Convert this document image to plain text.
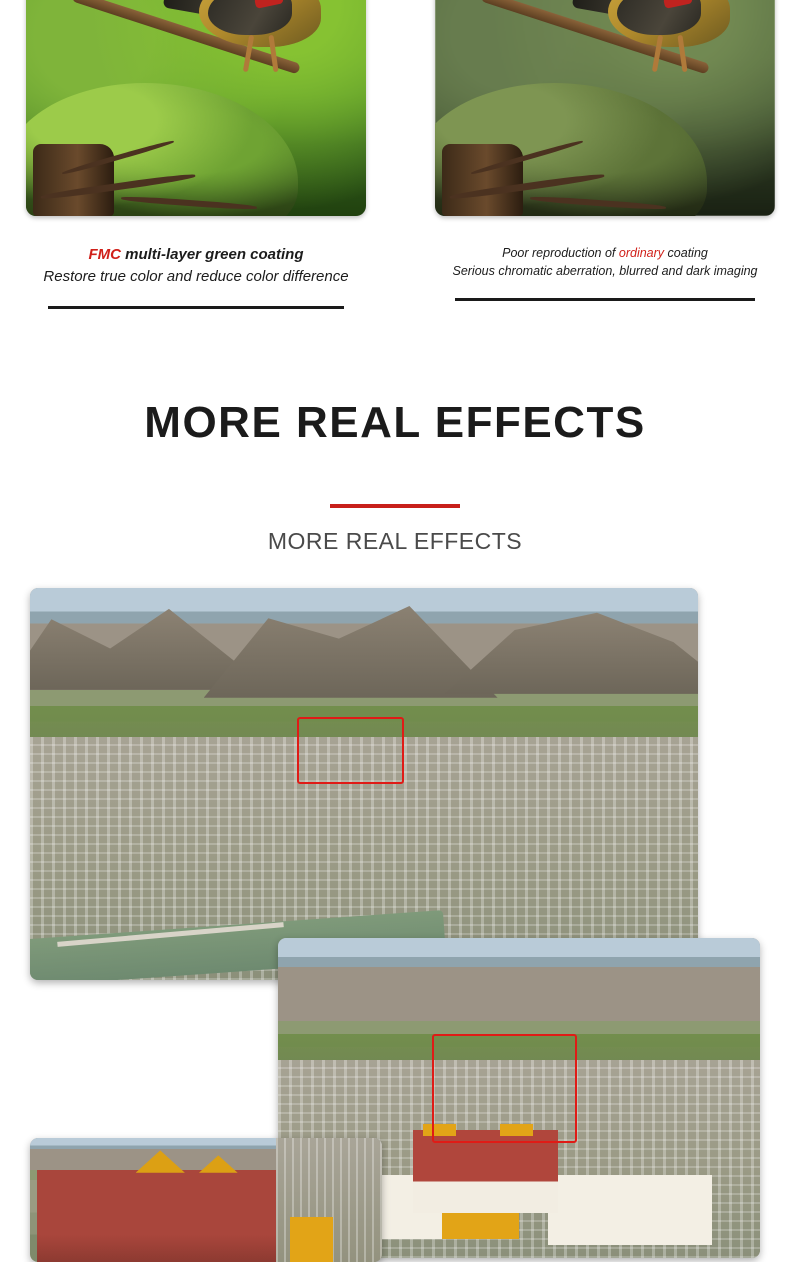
FMC multi-layer green coating
Restore true color and reduce color difference
Poor reproduction of ordinary coating
Serious chromatic aberration, blurred and dark imaging
MORE REAL EFFECTS
MORE REAL EFFECTS
